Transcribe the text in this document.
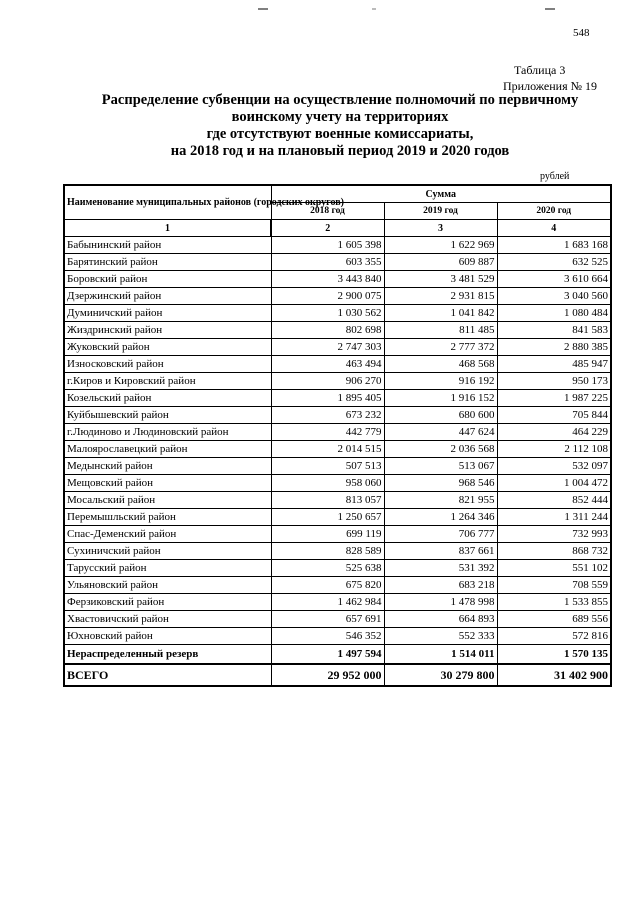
548
Таблица 3
Приложения № 19
Распределение субвенции на осуществление полномочий по первичному
воинскому учету на территориях
где отсутствуют военные комиссариаты,
на 2018 год и на плановый период 2019 и 2020 годов
рублей
Наименование муниципальных районов (городских округов)	Сумма		
	2018 год	2019 год	2020 год
1	2	3	4
Бабынинский район	1 605 398	1 622 969	1 683 168
Барятинский район	603 355	609 887	632 525
Боровский район	3 443 840	3 481 529	3 610 664
Дзержинский район	2 900 075	2 931 815	3 040 560
Думиничский район	1 030 562	1 041 842	1 080 484
Жиздринский район	802 698	811 485	841 583
Жуковский район	2 747 303	2 777 372	2 880 385
Износковский район	463 494	468 568	485 947
г.Киров и Кировский район	906 270	916 192	950 173
Козельский район	1 895 405	1 916 152	1 987 225
Куйбышевский район	673 232	680 600	705 844
г.Людиново и Людиновский район	442 779	447 624	464 229
Малоярославецкий район	2 014 515	2 036 568	2 112 108
Медынский район	507 513	513 067	532 097
Мещовский район	958 060	968 546	1 004 472
Мосальский район	813 057	821 955	852 444
Перемышльский район	1 250 657	1 264 346	1 311 244
Спас-Деменский район	699 119	706 777	732 993
Сухиничский район	828 589	837 661	868 732
Тарусский район	525 638	531 392	551 102
Ульяновский район	675 820	683 218	708 559
Ферзиковский район	1 462 984	1 478 998	1 533 855
Хвастовичский район	657 691	664 893	689 556
Юхновский район	546 352	552 333	572 816
Нераспределенный резерв	1 497 594	1 514 011	1 570 135
ВСЕГО	29 952 000	30 279 800	31 402 900
